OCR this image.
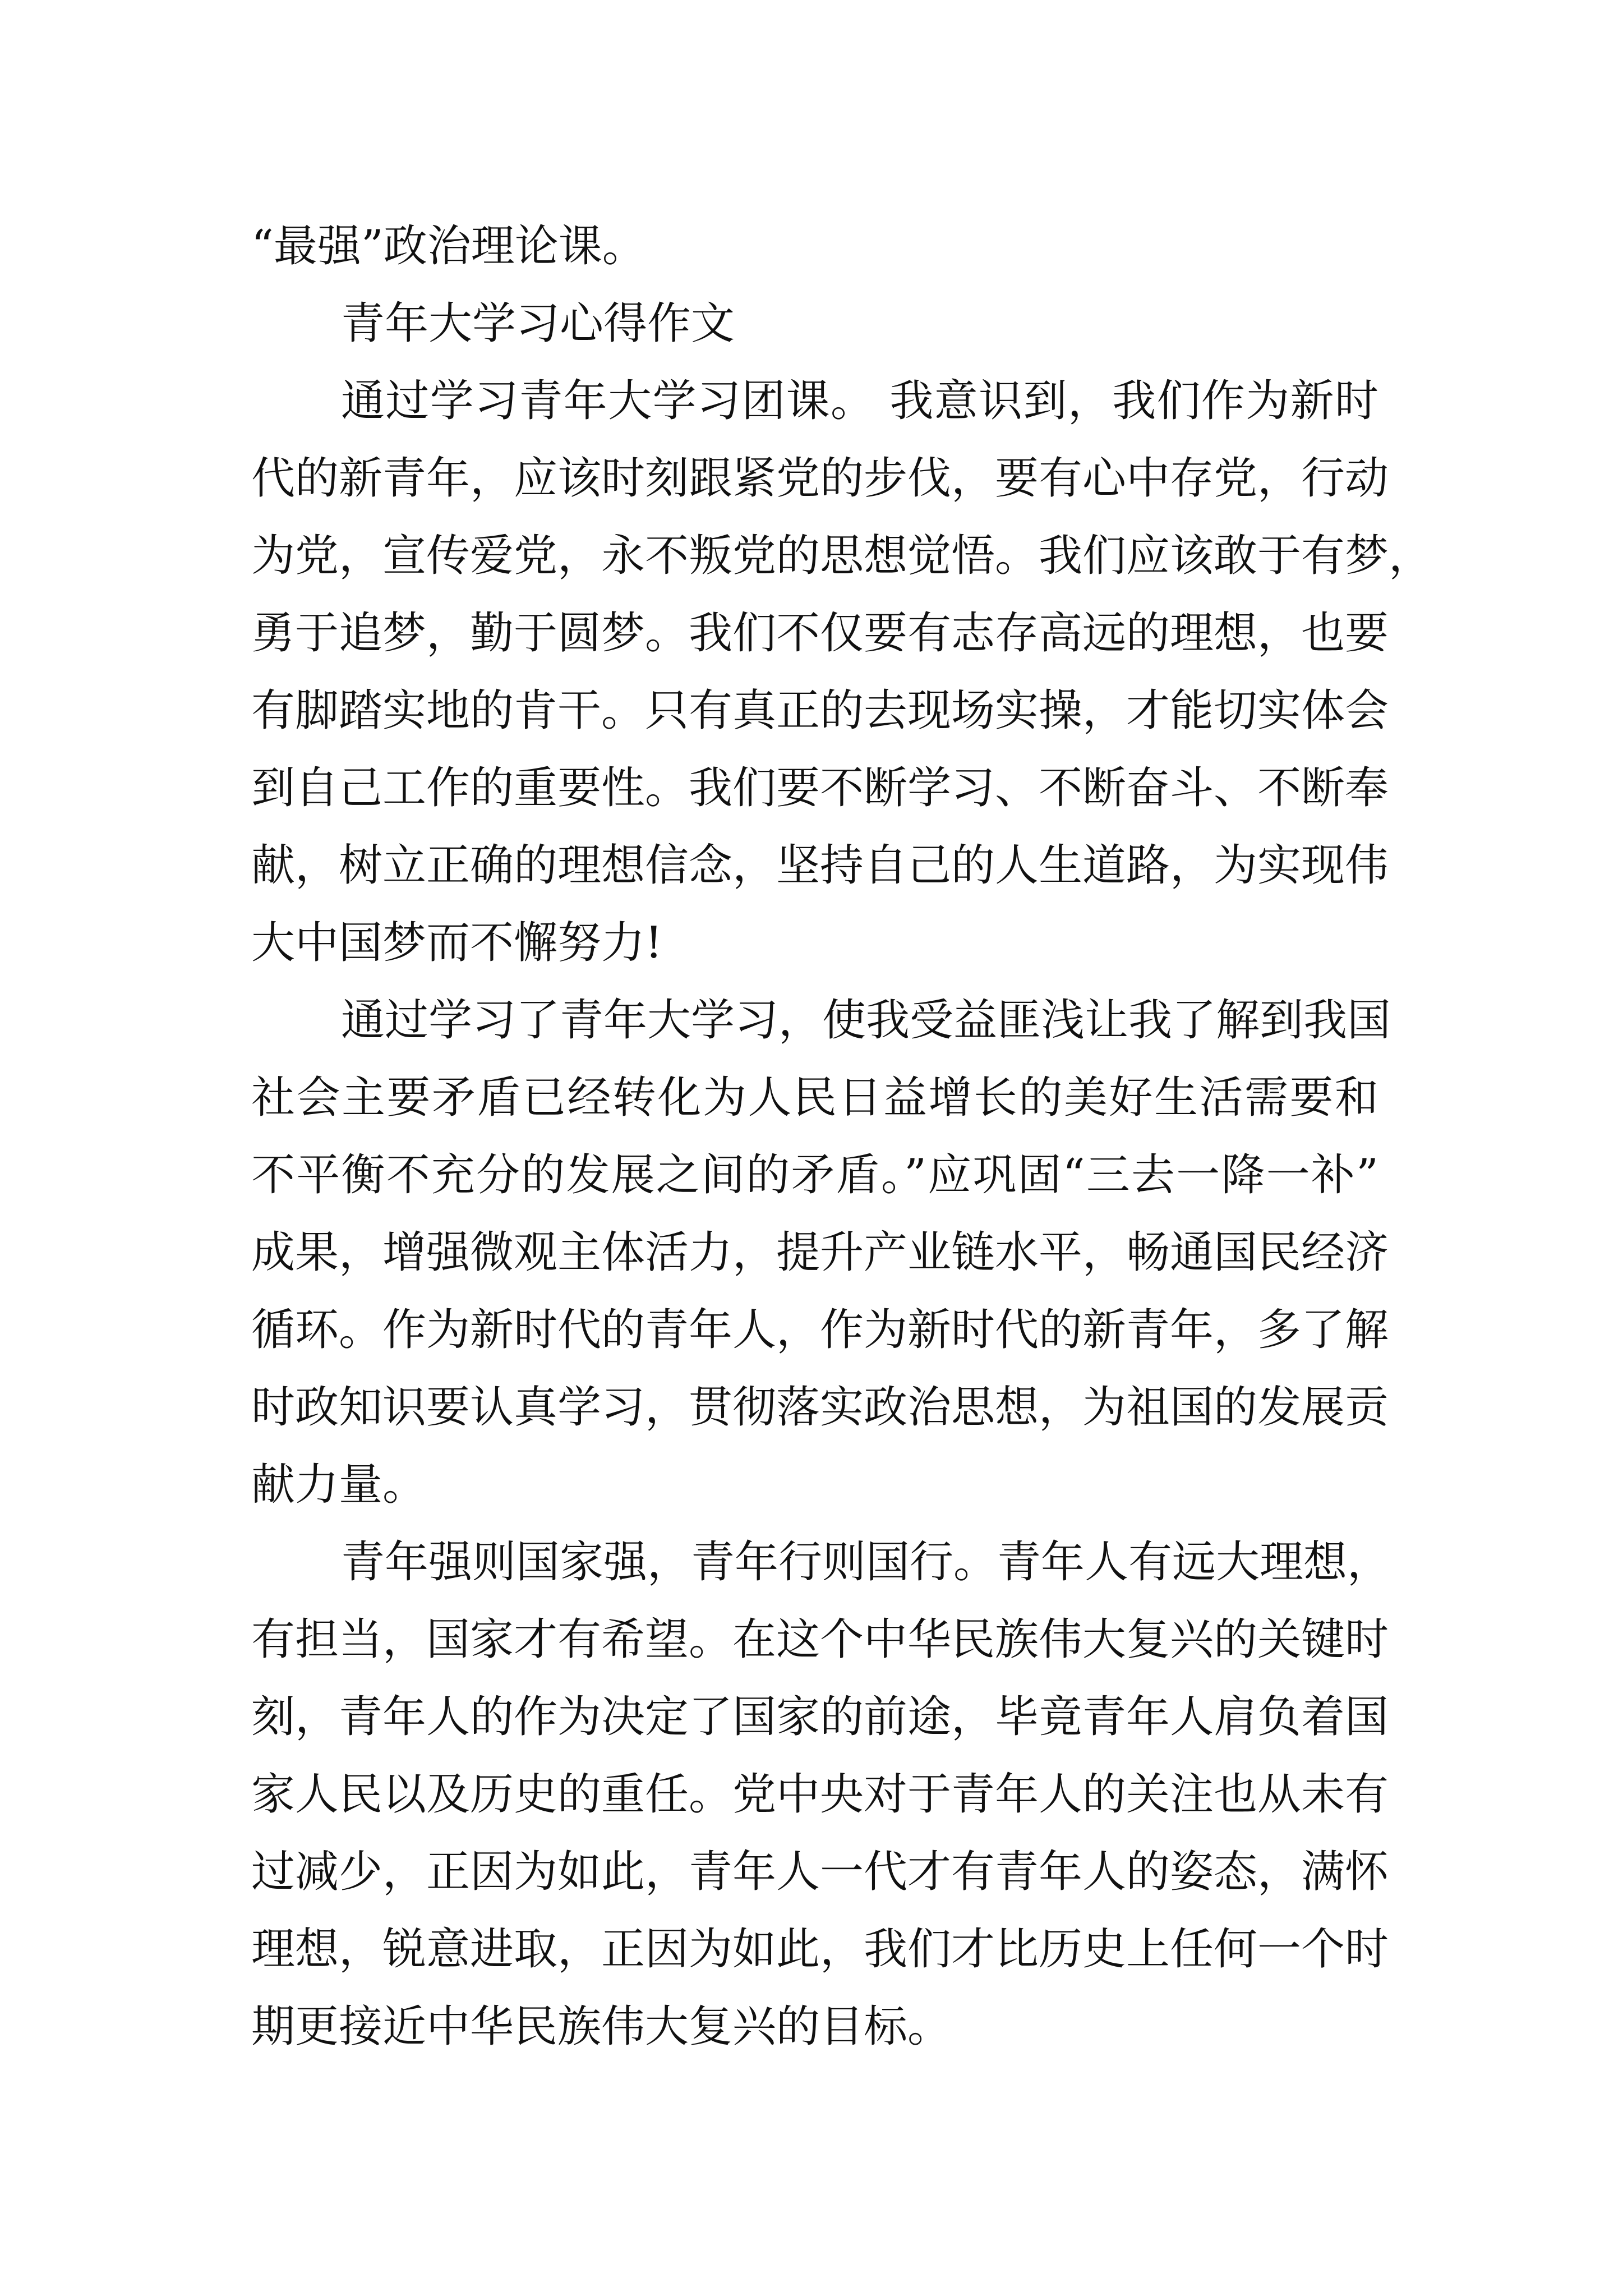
“最强”政治理论课。
青年大学习心得作文
通过学习青年大学习团课。 我意识到，我们作为新时
代的新青年，应该时刻跟紧党的步伐，要有心中存党，行动
为党，宣传爱党，永不叛党的思想觉悟。我们应该敢于有梦，
勇于追梦，勤于圆梦。我们不仅要有志存高远的理想，也要
有脚踏实地的肯干。只有真正的去现场实操，才能切实体会
到自己工作的重要性。我们要不断学习、不断奋斗、不断奉
献，树立正确的理想信念，坚持自己的人生道路，为实现伟
大中国梦而不懈努力!
通过学习了青年大学习，使我受益匪浅让我了解到我国
社会主要矛盾已经转化为人民日益增长的美好生活需要和
不平衡不充分的发展之间的矛盾。”应巩固“三去一降一补”
成果，增强微观主体活力，提升产业链水平，畅通国民经济
循环。作为新时代的青年人，作为新时代的新青年，多了解
时政知识要认真学习，贯彻落实政治思想，为祖国的发展贡
献力量。
青年强则国家强，青年行则国行。青年人有远大理想，
有担当，国家才有希望。在这个中华民族伟大复兴的关键时
刻，青年人的作为决定了国家的前途，毕竟青年人肩负着国
家人民以及历史的重任。党中央对于青年人的关注也从未有
过减少，正因为如此，青年人一代才有青年人的姿态，满怀
理想，锐意进取，正因为如此，我们才比历史上任何一个时
期更接近中华民族伟大复兴的目标。
